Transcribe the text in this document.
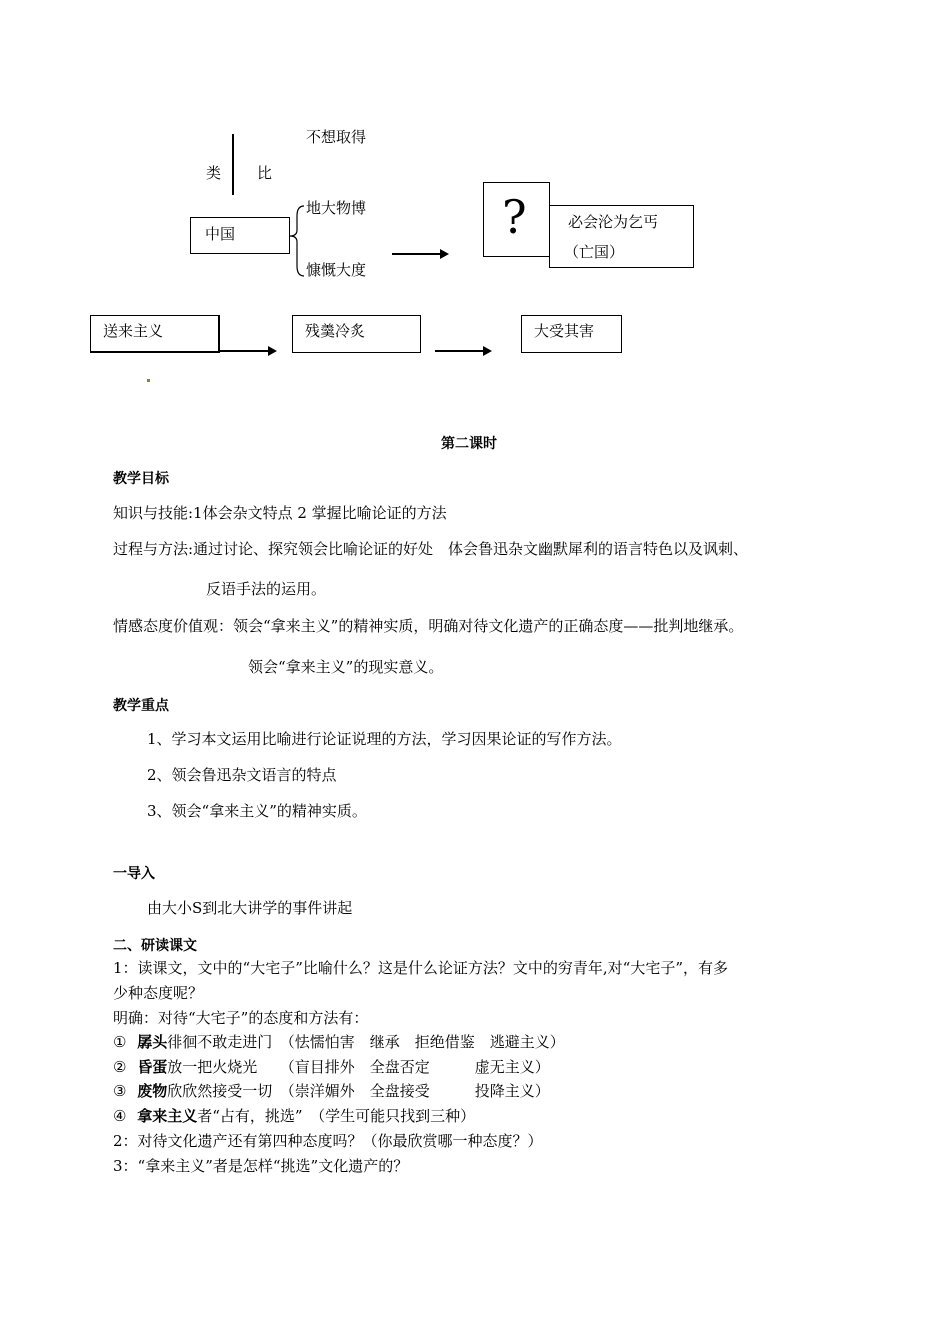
不想取得
类 比
中国
地大物博
慷慨大度
?	必会沦为乞丐
（亡国）
送来主义	残羹冷炙	大受其害
第二课时
教学目标
知识与技能:1体会杂文特点 2 掌握比喻论证的方法
过程与方法:通过讨论、探究领会比喻论证的好处　体会鲁迅杂文幽默犀利的语言特色以及讽刺、
反语手法的运用。
情感态度价值观：领会“拿来主义”的精神实质，明确对待文化遗产的正确态度——批判地继承。
领会“拿来主义”的现实意义。
教学重点
1、学习本文运用比喻进行论证说理的方法，学习因果论证的写作方法。
2、领会鲁迅杂文语言的特点
3、领会“拿来主义”的精神实质。
一导入
由大小S到北大讲学的事件讲起
二、研读课文
1：读课文，文中的“大宅子”比喻什么？这是什么论证方法？文中的穷青年,对“大宅子”，有多
少种态度呢？
明确：对待“大宅子”的态度和方法有：
① 孱头徘徊不敢走进门　（怯懦怕害　继承　拒绝借鉴　逃避主义）
② 昏蛋放一把火烧光　　（盲目排外　全盘否定　　　虚无主义）
③ 废物欣欣然接受一切　（崇洋媚外　全盘接受　　　投降主义）
④ 拿来主义者“占有，挑选”　（学生可能只找到三种）
2：对待文化遗产还有第四种态度吗？（你最欣赏哪一种态度？）
3：“拿来主义”者是怎样“挑选”文化遗产的？
